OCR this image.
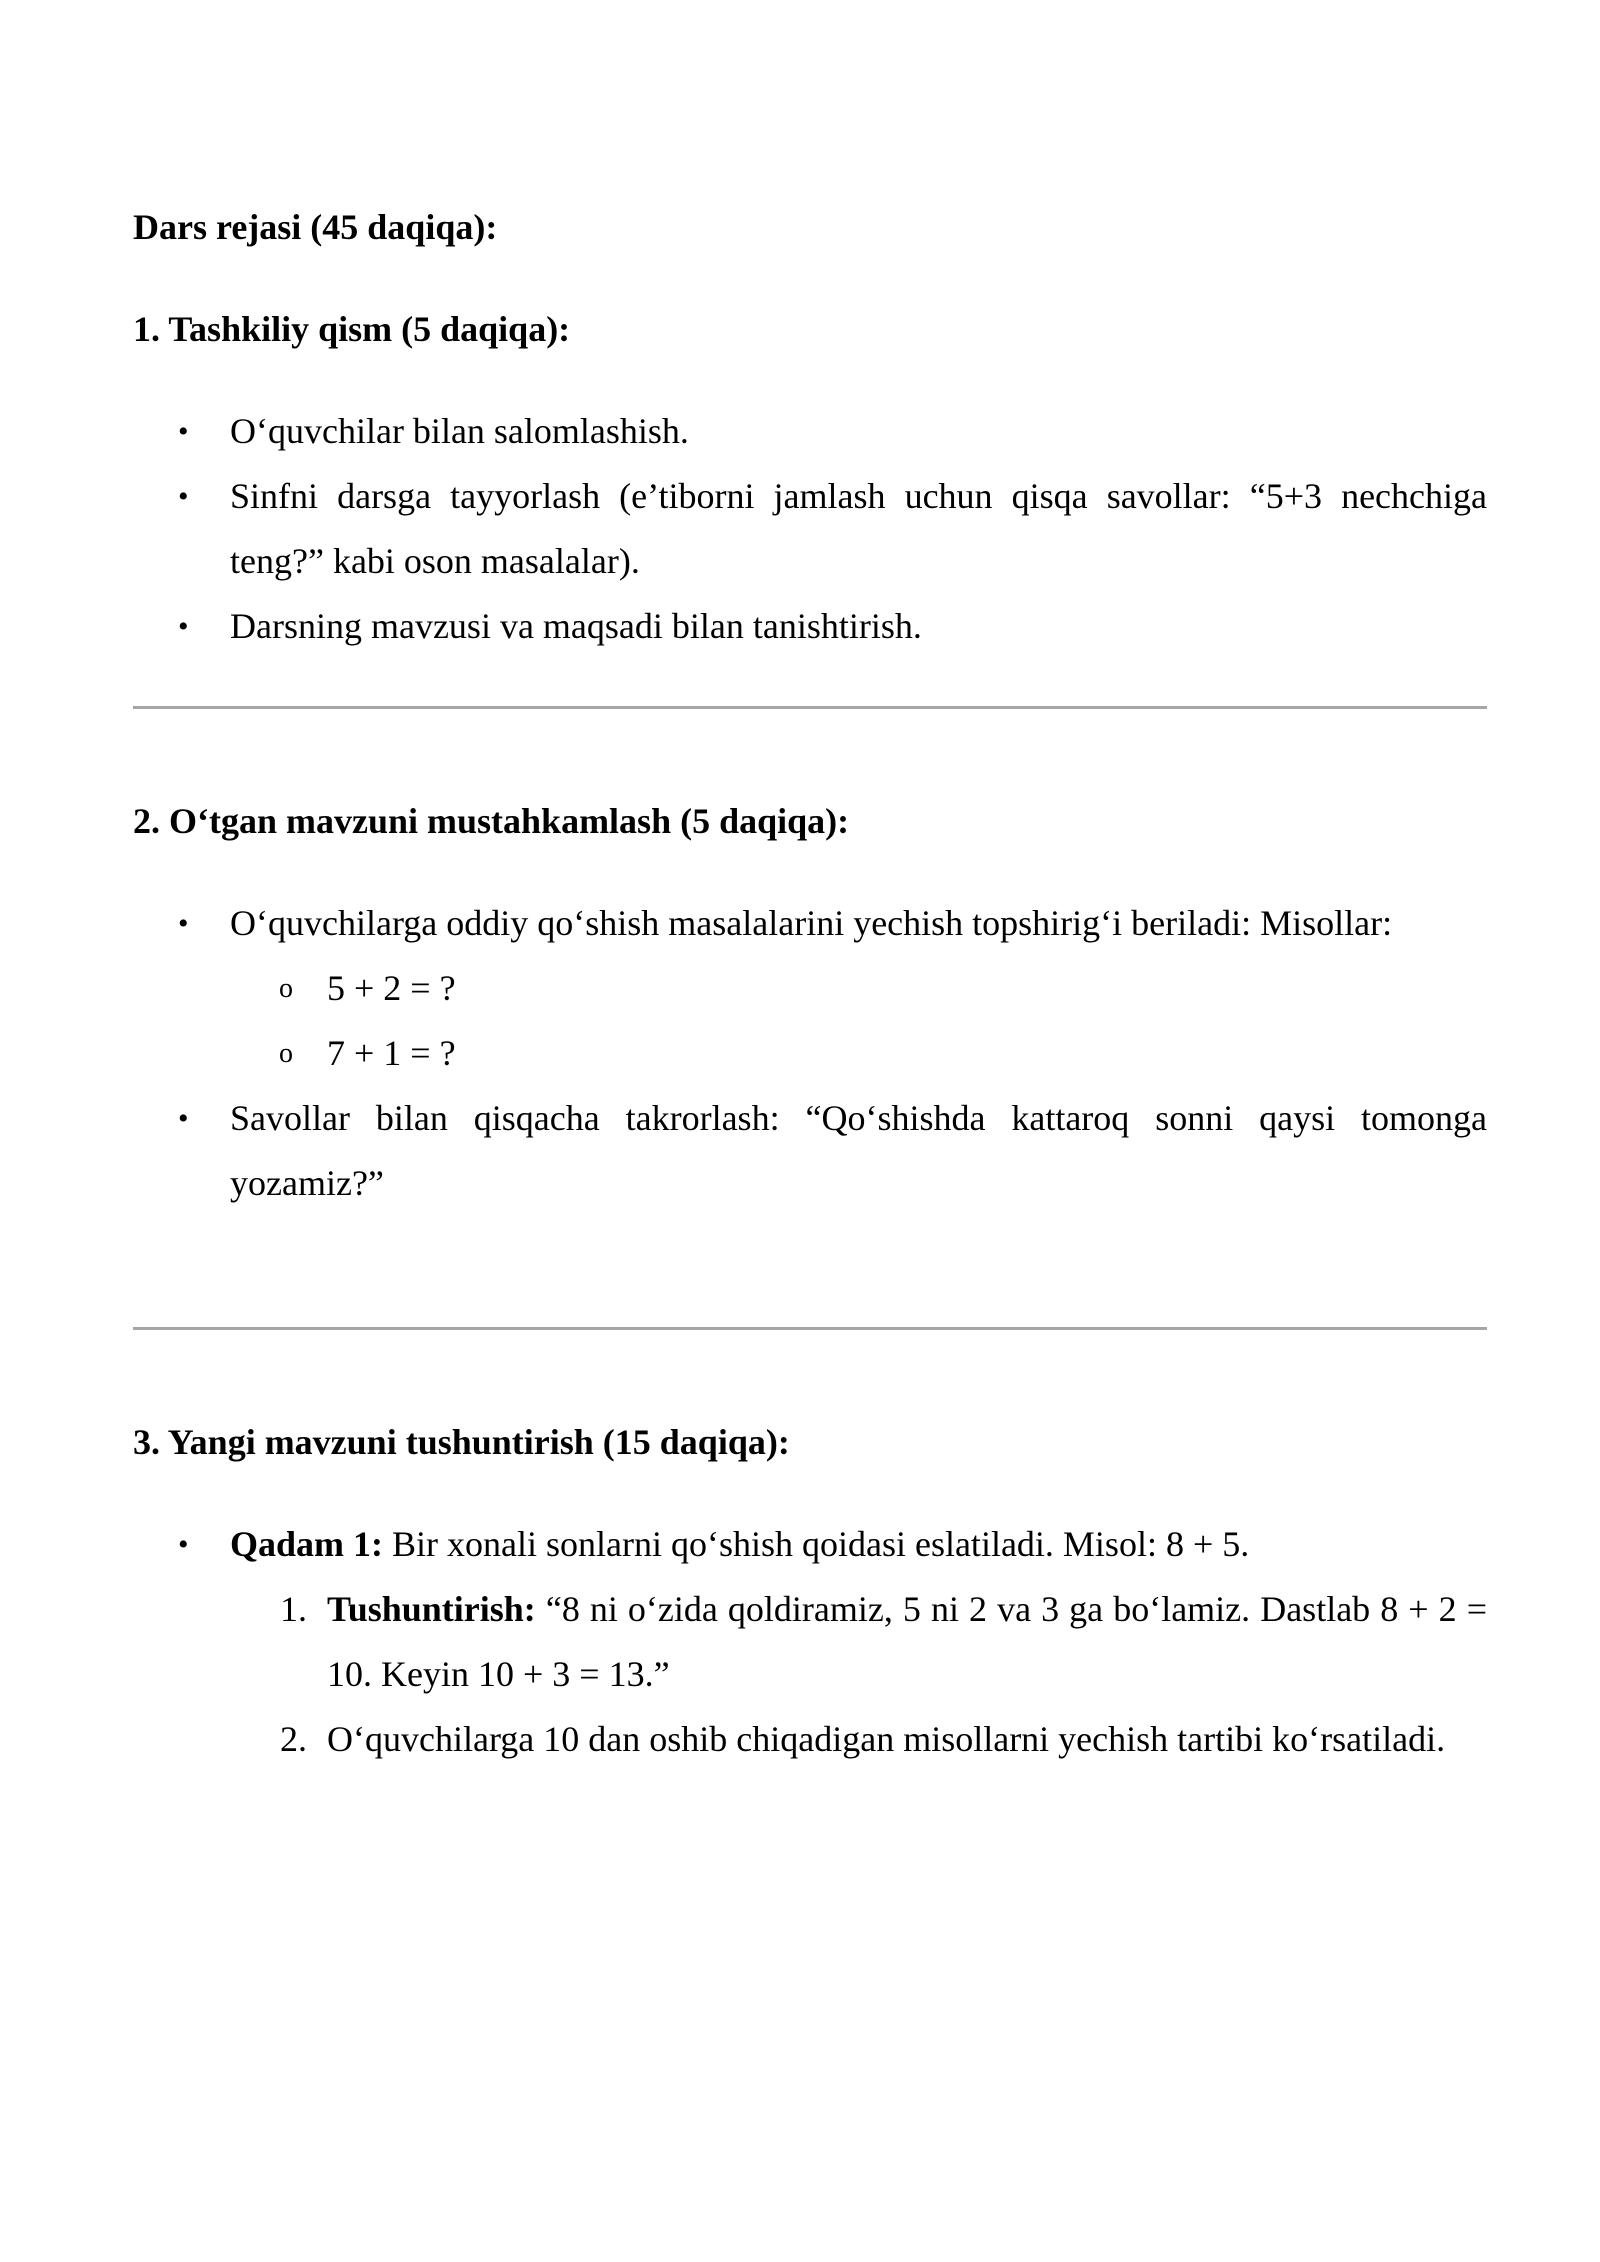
Dars rejasi (45 daqiqa):
1. Tashkiliy qism (5 daqiqa):
• O‘quvchilar bilan salomlashish.
• Sinfni darsga tayyorlash (e’tiborni jamlash uchun qisqa savollar: “5+3 nechchiga teng?” kabi oson masalalar).
• Darsning mavzusi va maqsadi bilan tanishtirish.
2. O‘tgan mavzuni mustahkamlash (5 daqiqa):
• O‘quvchilarga oddiy qo‘shish masalalarini yechish topshirig‘i beriladi: Misollar:
o 5 + 2 = ?
o 7 + 1 = ?
• Savollar bilan qisqacha takrorlash: “Qo‘shishda kattaroq sonni qaysi tomonga yozamiz?”
3. Yangi mavzuni tushuntirish (15 daqiqa):
• Qadam 1: Bir xonali sonlarni qo‘shish qoidasi eslatiladi. Misol: 8 + 5.
1. Tushuntirish: “8 ni o‘zida qoldiramiz, 5 ni 2 va 3 ga bo‘lamiz. Dastlab 8 + 2 = 10. Keyin 10 + 3 = 13.”
2. O‘quvchilarga 10 dan oshib chiqadigan misollarni yechish tartibi ko‘rsatiladi.
